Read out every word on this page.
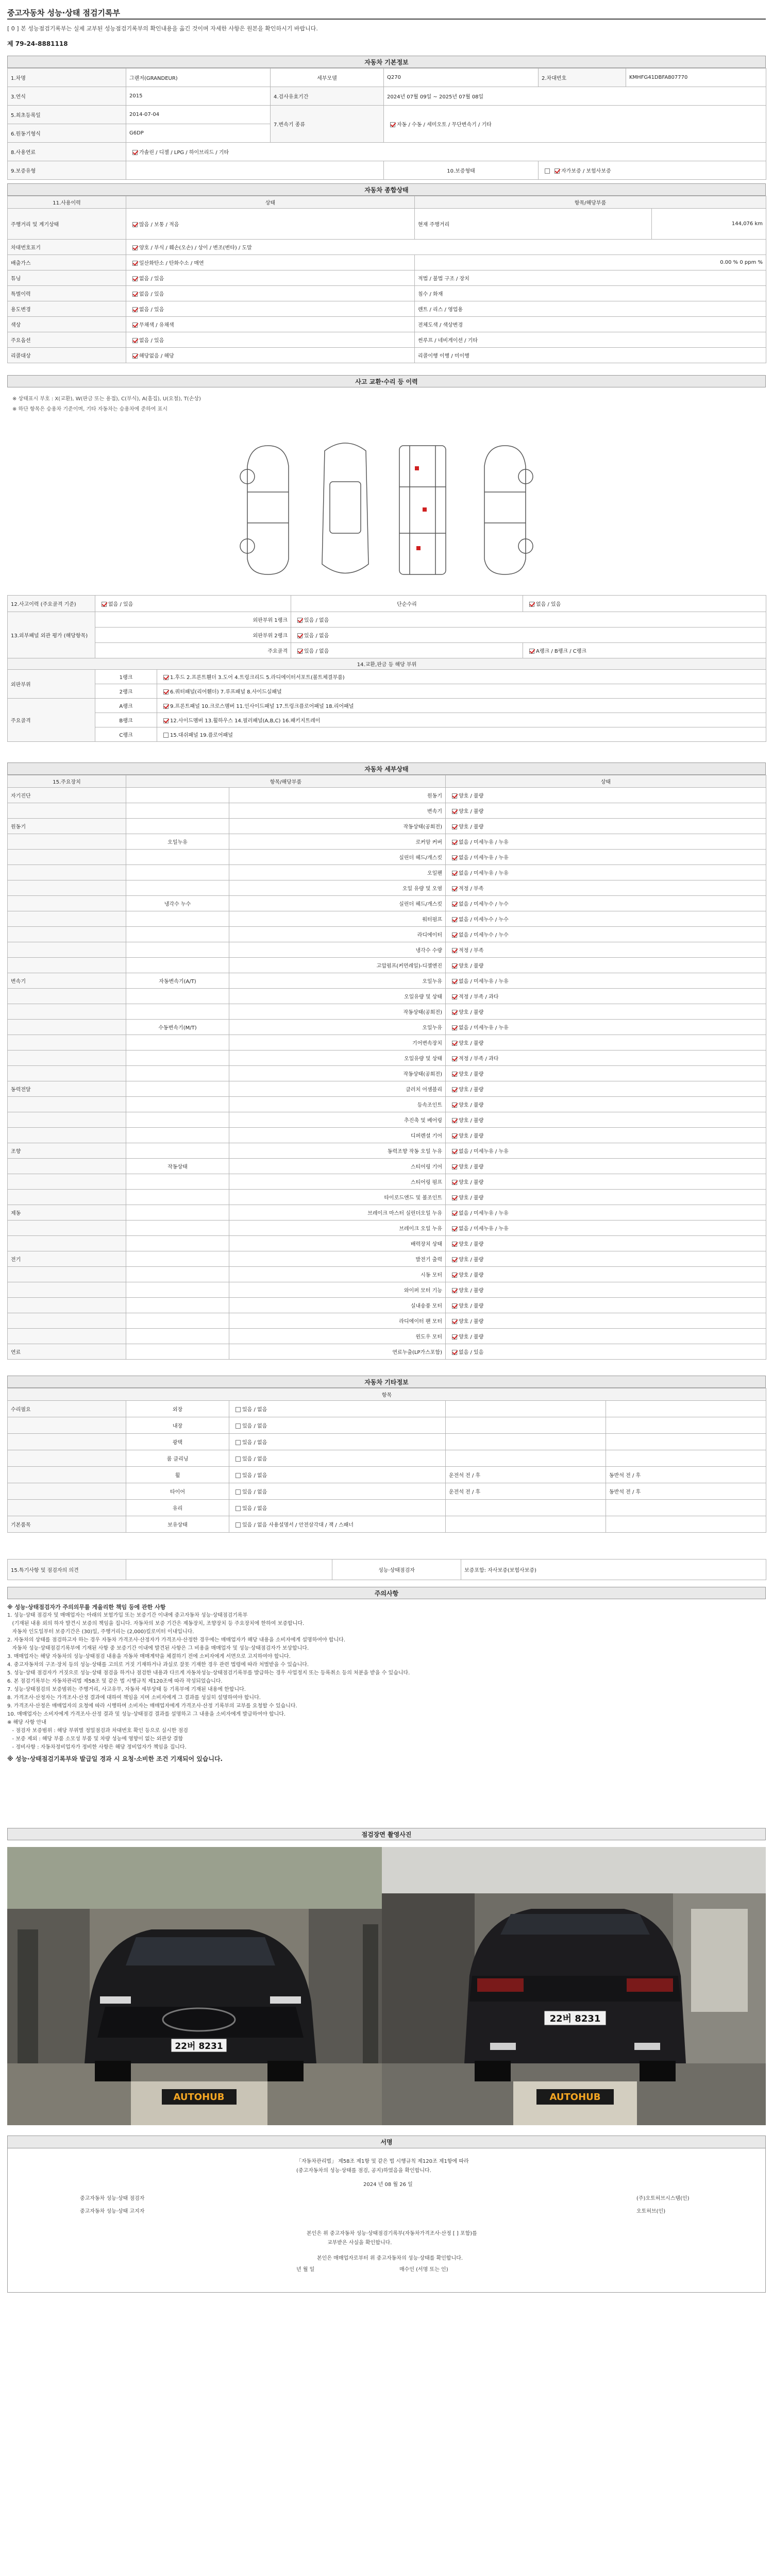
중고자동차 성능·상태 점검기록부
[ 0 ] 본 성능점검기록부는 실제 교부된 성능점검기록부의 확인내용을 옮긴 것이며 자세한 사항은 원본을 확인하시기 바랍니다.
제 79-24-8881118
자동차 기본정보
1.차명	그랜저(GRANDEUR)	세부모델	Q270	2.차대번호	KMHFG41DBFA807770
3.연식	2015	4.검사유효기간	2024년 07월 09일 ~ 2025년 07월 08일		
5.최초등록일	2014-07-04	7.변속기 종류	자동 / 수동 / 세미오토 / 무단변속기 / 기타		
6.원동기형식	G6DP				
8.사용연료	가솔린 / 디젤 / LPG / 하이브리드 / 기타				
9.보증유형			10.보증형태	자가보증 / 보험사보증	
자동차 종합상태
11.사용이력	상태	항목/해당부품	
주행거리 및 계기상태	많음 / 보통 / 적음	현재 주행거리	144,076 km
차대번호표기	양호 / 부식 / 훼손(오손) / 상이 / 변조(변타) / 도말		
배출가스	일산화탄소 / 탄화수소 / 매연	0.00 % 0 ppm %	
튜닝	없음 / 있음	적법 / 불법 구조 / 장치	
특별이력	없음 / 있음	침수 / 화재	
용도변경	없음 / 있음	렌트 / 리스 / 영업용	
색상	무채색 / 유채색	전체도색 / 색상변경	
주요옵션	없음 / 있음	썬루프 / 네비게이션 / 기타	
리콜대상	해당없음 / 해당	리콜이행 이행 / 미이행	
사고 교환·수리 등 이력
※ 상태표시 부호 : X(교환), W(판금 또는 용접), C(부식), A(흠집), U(요철), T(손상)
※ 하단 항목은 승용차 기준이며, 기타 자동차는 승용차에 준하여 표시
12.사고이력 (주요골격 기준)	없음 / 있음		단순수리	없음 / 있음
13.외부패널 외관 평가 (해당항목)	외판부위 1랭크		있음 / 없음	
	외판부위 2랭크		있음 / 없음	
	주요골격		있음 / 없음	A랭크 / B랭크 / C랭크
14.교환,판금 등 해당 부위				
외판부위	1랭크	1.후드 2.프론트휀더 3.도어 4.트렁크리드 5.라디에이터서포트(볼트체결부품)		
	2랭크	6.쿼터패널(리어휀더) 7.루프패널 8.사이드실패널		
주요골격	A랭크	9.프론트패널 10.크로스멤버 11.인사이드패널 17.트렁크플로어패널 18.리어패널		
	B랭크	12.사이드멤버 13.휠하우스 14.필러패널(A,B,C) 16.패키지트레이		
	C랭크	15.대쉬패널 19.플로어패널		
자동차 세부상태
15.주요장치	항목/해당부품		상태
자기진단		원동기	양호 / 불량
		변속기	양호 / 불량
원동기		작동상태(공회전)	양호 / 불량
	오일누유	로커암 커버	없음 / 미세누유 / 누유
		실린더 헤드/개스킷	없음 / 미세누유 / 누유
		오일팬	없음 / 미세누유 / 누유
		오일 유량 및 오염	적정 / 부족
	냉각수 누수	실린더 헤드/개스킷	없음 / 미세누수 / 누수
		워터펌프	없음 / 미세누수 / 누수
		라디에이터	없음 / 미세누수 / 누수
		냉각수 수량	적정 / 부족
		고압펌프(커먼레일)-디젤엔진	양호 / 불량
변속기	자동변속기(A/T)	오일누유	없음 / 미세누유 / 누유
		오일유량 및 상태	적정 / 부족 / 과다
		작동상태(공회전)	양호 / 불량
	수동변속기(M/T)	오일누유	없음 / 미세누유 / 누유
		기어변속장치	양호 / 불량
		오일유량 및 상태	적정 / 부족 / 과다
		작동상태(공회전)	양호 / 불량
동력전달		클러치 어셈블리	양호 / 불량
		등속조인트	양호 / 불량
		추진축 및 베어링	양호 / 불량
		디퍼렌셜 기어	양호 / 불량
조향		동력조향 작동 오일 누유	없음 / 미세누유 / 누유
	작동상태	스티어링 기어	양호 / 불량
		스티어링 펌프	양호 / 불량
		타이로드엔드 및 볼조인트	양호 / 불량
제동		브레이크 마스터 실린더오일 누유	없음 / 미세누유 / 누유
		브레이크 오일 누유	없음 / 미세누유 / 누유
		배력장치 상태	양호 / 불량
전기		발전기 출력	양호 / 불량
		시동 모터	양호 / 불량
		와이퍼 모터 기능	양호 / 불량
		실내송풍 모터	양호 / 불량
		라디에이터 팬 모터	양호 / 불량
		윈도우 모터	양호 / 불량
연료		연료누출(LP가스포함)	없음 / 있음
자동차 기타정보
항목				
수리필요	외장	있음 / 없음		
	내장	있음 / 없음		
	광택	있음 / 없음		
	룸 클리닝	있음 / 없음		
	휠	있음 / 없음	운전석 전 / 후	동반석 전 / 후
	타이어	있음 / 없음	운전석 전 / 후	동반석 전 / 후
	유리	있음 / 없음		
기본품목	보유상태	있음 / 없음 사용설명서 / 안전삼각대 / 잭 / 스패너		
15.특기사항 및 점검자의 의견		성능·상태점검자	보증포함: 자사보증(보험사보증)
주의사항

※ 성능·상태점검자가 주의의무를 게을리한 책임 등에 관한 사항

1. 성능·상태 점검자 및 매매업자는 아래의 보험가입 또는 보증기간 이내에 중고자동차 성능·상태점검기록부

(기재된 내용 외의 하자 발견시 보증의 책임을 집니다. 자동차의 보증 기간은 제동장치, 조향장치 등 주요장치에 한하여 보증합니다.

자동차 인도일부터 보증기간은 (30)일, 주행거리는 (2,000)킬로미터 이내입니다.

2. 자동차의 상태를 점검하고자 하는 경우 자동차 가격조사·산정자가 가격조사·산정한 경우에는 매매업자가 해당 내용을 소비자에게 설명하여야 합니다.

자동차 성능·상태점검기록부에 기재된 사항 중 보증기간 이내에 발견된 사항은 그 비용을 매매업자 및 성능·상태점검자가 보상합니다.

3. 매매업자는 해당 자동차의 성능·상태점검 내용을 자동차 매매계약을 체결하기 전에 소비자에게 서면으로 고지하여야 합니다.

4. 중고자동차의 구조·장치 등의 성능·상태를 고의로 거짓 기재하거나 과실로 잘못 기재한 경우 관련 법령에 따라 처벌받을 수 있습니다.

5. 성능·상태 점검자가 거짓으로 성능·상태 점검을 하거나 점검한 내용과 다르게 자동차성능·상태점검기록부를 발급하는 경우 사업정지 또는 등록취소 등의 처분을 받을 수 있습니다.

6. 본 점검기록부는 자동차관리법 제58조 및 같은 법 시행규칙 제120조에 따라 작성되었습니다.

7. 성능·상태점검의 보증범위는 주행거리, 사고유무, 자동차 세부상태 등 기록부에 기재된 내용에 한합니다.

8. 가격조사·산정자는 가격조사·산정 결과에 대하여 책임을 지며 소비자에게 그 결과를 성실히 설명하여야 합니다.

9. 가격조사·산정은 매매업자의 요청에 따라 시행하며 소비자는 매매업자에게 가격조사·산정 기록부의 교부를 요청할 수 있습니다.

10. 매매업자는 소비자에게 가격조사·산정 결과 및 성능·상태점검 결과를 설명하고 그 내용을 소비자에게 발급하여야 합니다.

※ 해당 사항 안내

- 점검자 보증범위 : 해당 부위별 정밀점검과 차대번호 확인 등으로 실시한 점검

- 보증 제외 : 해당 부품 소모성 부품 및 차량 성능에 영향이 없는 외관상 결함

- 정비사항 : 자동차정비업자가 정비한 사항은 해당 정비업자가 책임을 집니다.

※ 성능·상태점검기록부와 발급일 경과 시 요청·소비한 조건 기재되어 있습니다.

점검장면 촬영사진
22버 8231
AUTOHUB
22버 8231
AUTOHUB
서명
「자동차관리법」 제58조 제1항 및 같은 법 시행규칙 제120조 제1항에 따라
(중고자동차의 성능·상태를 점검, 공지)하였음을 확인합니다.
2024 년 08 월 26 일
중고자동차 성능·상태 점검자	(주)오토허브시스템(인)
중고자동차 성능·상태 고지자	오토허브(인)
본인은 위 중고자동차 성능·상태점검기록부(자동차가격조사·산정 [ ] 포함)를
교부받은 사실을 확인합니다.
본인은 매매업자로부터 위 중고자동차의 성능·상태를 확인합니다.
년 월 일	매수인 (서명 또는 인)
